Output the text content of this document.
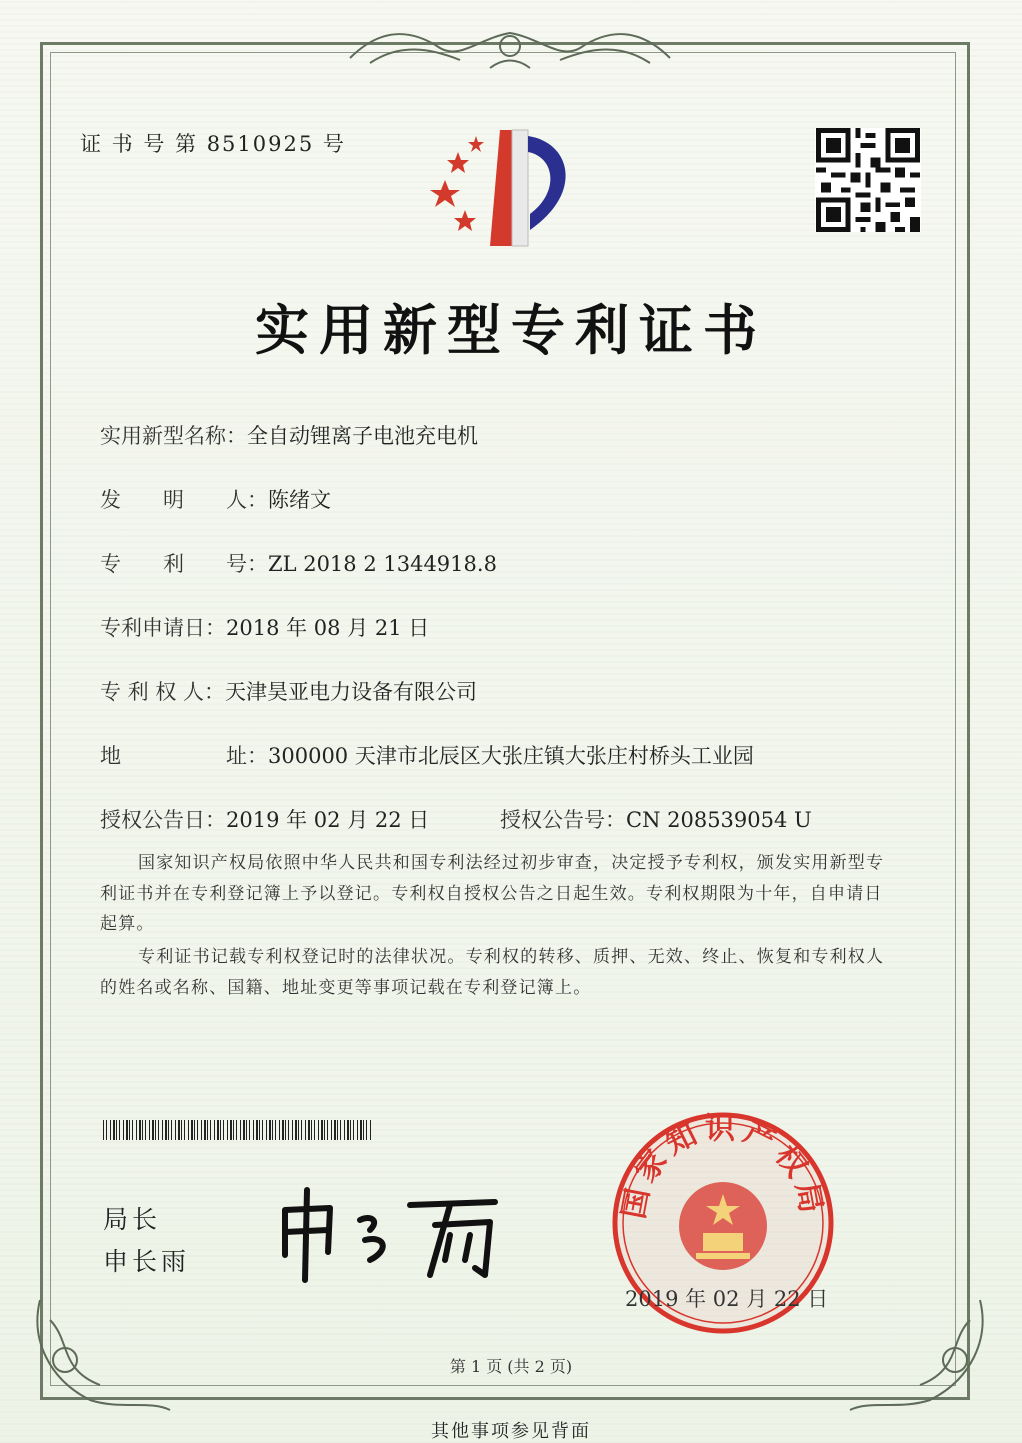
证 书 号 第 8510925 号
实用新型专利证书
实用新型名称：全自动锂离子电池充电机
发　　明　　人：陈绪文
专　　利　　号：ZL 2018 2 1344918.8
专利申请日：2018 年 08 月 21 日
专 利 权 人：天津昊亚电力设备有限公司
地　　　　　址：300000 天津市北辰区大张庄镇大张庄村桥头工业园
授权公告日：2019 年 02 月 22 日	授权公告号：CN 208539054 U
国家知识产权局依照中华人民共和国专利法经过初步审查，决定授予专利权，颁发实用新型专利证书并在专利登记簿上予以登记。专利权自授权公告之日起生效。专利权期限为十年，自申请日起算。
专利证书记载专利权登记时的法律状况。专利权的转移、质押、无效、终止、恢复和专利权人的姓名或名称、国籍、地址变更等事项记载在专利登记簿上。
局长
申长雨
国家知识产权局
2019 年 02 月 22 日
第 1 页 (共 2 页)
其他事项参见背面
